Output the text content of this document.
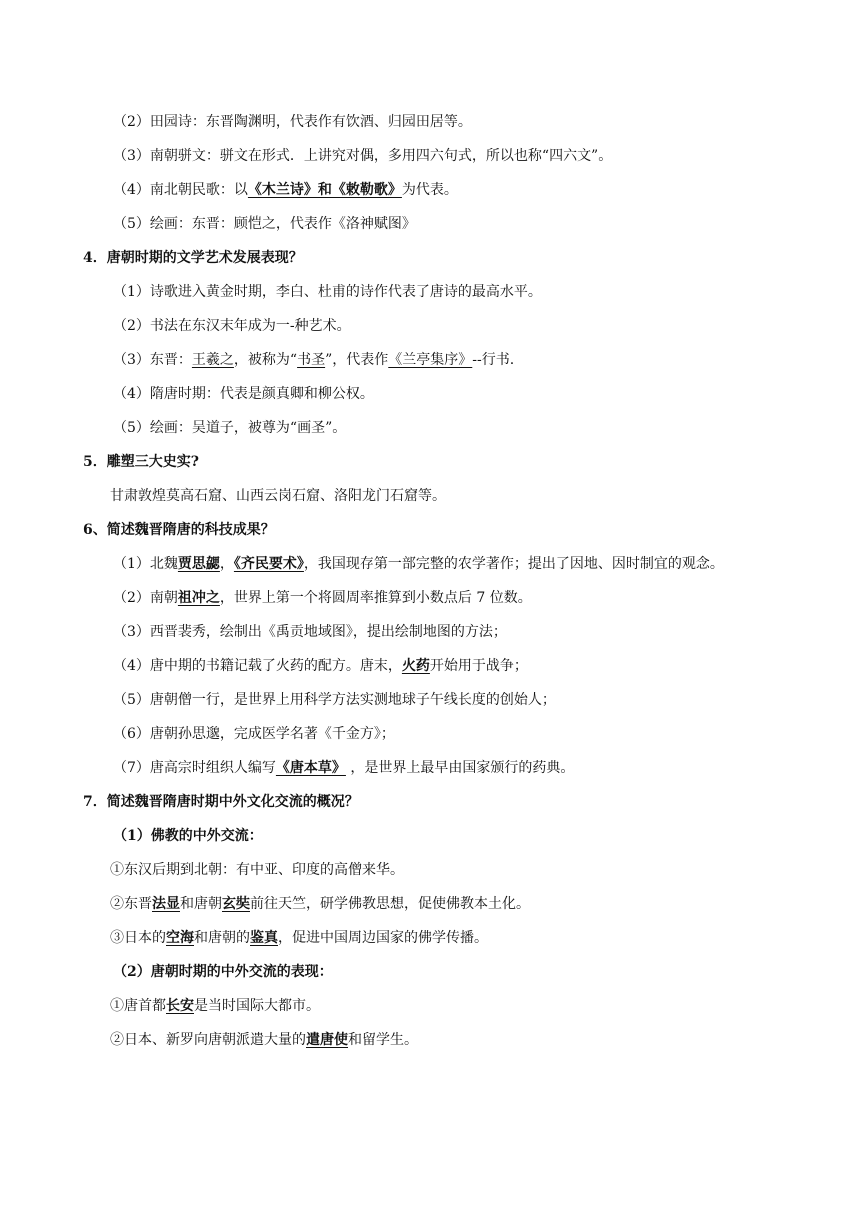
（2）田园诗：东晋陶渊明，代表作有饮酒、归园田居等。
（3）南朝骈文：骈文在形式．上讲究对偶，多用四六句式，所以也称“四六文”。
（4）南北朝民歌：以《木兰诗》和《敕勒歌》为代表。
（5）绘画：东晋：顾恺之，代表作《洛神赋图》
4．唐朝时期的文学艺术发展表现？
（1）诗歌进入黄金时期，李白、杜甫的诗作代表了唐诗的最高水平。
（2）书法在东汉末年成为一-种艺术。
（3）东晋：王羲之，被称为“书圣”，代表作《兰亭集序》--行书.
（4）隋唐时期：代表是颜真卿和柳公权。
（5）绘画：吴道子，被尊为“画圣”。
5．雕塑三大史实?
甘肃敦煌莫高石窟、山西云岗石窟、洛阳龙门石窟等。
6、简述魏晋隋唐的科技成果？
（1）北魏贾思勰，《齐民要术》，我国现存第一部完整的农学著作；提出了因地、因时制宜的观念。
（2）南朝祖冲之，世界上第一个将圆周率推算到小数点后 7 位数。
（3）西晋裴秀，绘制出《禹贡地域图》，提出绘制地图的方法；
（4）唐中期的书籍记载了火药的配方。唐末，火药开始用于战争；
（5）唐朝僧一行，是世界上用科学方法实测地球子午线长度的创始人；
（6）唐朝孙思邈，完成医学名著《千金方》；
（7）唐高宗时组织人编写《唐本草》 ，是世界上最早由国家颁行的药典。
7．简述魏晋隋唐时期中外文化交流的概况？
（1）佛教的中外交流：
①东汉后期到北朝：有中亚、印度的高僧来华。
②东晋法显和唐朝玄奘前往天竺，研学佛教思想，促使佛教本土化。
③日本的空海和唐朝的鉴真，促进中国周边国家的佛学传播。
（2）唐朝时期的中外交流的表现：
①唐首都长安是当时国际大都市。
②日本、新罗向唐朝派遣大量的遣唐使和留学生。
